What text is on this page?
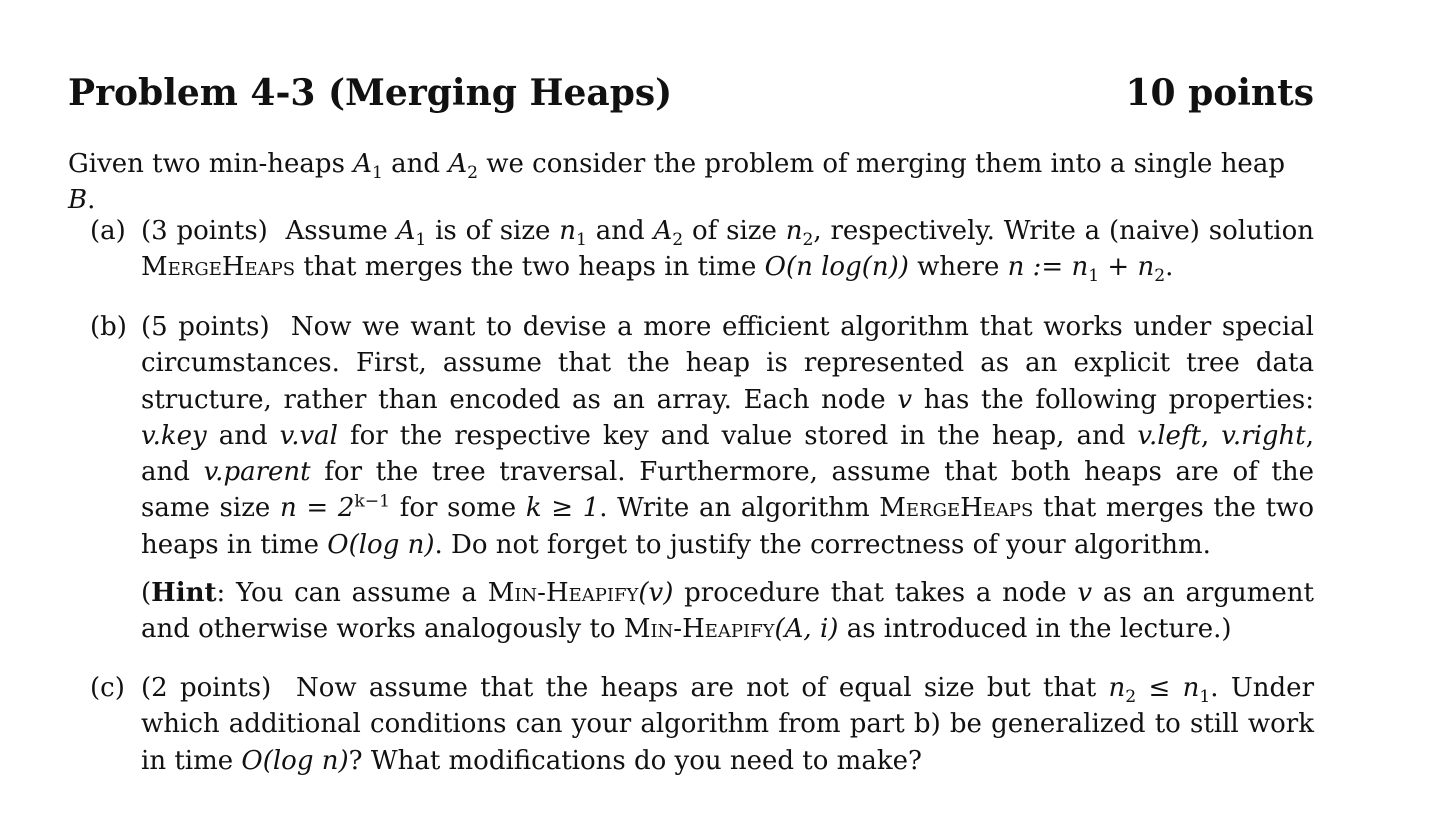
Problem 4-3 (Merging Heaps)	10 points
Given two min-heaps $A_1$ and $A_2$ we consider the problem of merging them into a single heap B.
(a) (3 points) Assume $A_1$ is of size $n_1$ and $A_2$ of size $n_2$, respectively. Write a (naive) solution MergeHeaps that merges the two heaps in time O(n log(n)) where n := $n_1 + n_2$.
(b) (5 points) Now we want to devise a more efficient algorithm that works under special circumstances. First, assume that the heap is represented as an explicit tree data structure, rather than encoded as an array. Each node v has the following properties: v.key and v.val for the respective key and value stored in the heap, and v.left, v.right, and v.parent for the tree traversal. Furthermore, assume that both heaps are of the same size $n = 2^{k-1}$ for some k ≥ 1. Write an algorithm MergeHeaps that merges the two heaps in time O(log n). Do not forget to justify the correctness of your algorithm.

(Hint: You can assume a Min-Heapify(v) procedure that takes a node v as an argument and otherwise works analogously to Min-Heapify(A, i) as introduced in the lecture.)

(c) (2 points) Now assume that the heaps are not of equal size but that $n_2 \le n_1$. Under which additional conditions can your algorithm from part b) be generalized to still work in time O(log n)? What modifications do you need to make?
